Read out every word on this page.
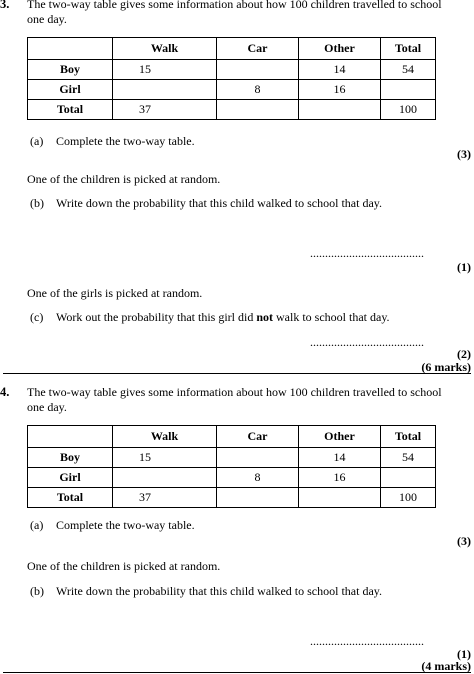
3. The two-way table gives some information about how 100 children travelled to school one day.
	Walk	Car	Other	Total
Boy	15		14	54
Girl		8	16	
Total	37			100
(a) Complete the two-way table.
(3)
One of the children is picked at random.
(b) Write down the probability that this child walked to school that day.
......................................
(1)
One of the girls is picked at random.
(c) Work out the probability that this girl did not walk to school that day.
......................................
(2)
(6 marks)
4. The two-way table gives some information about how 100 children travelled to school one day.
	Walk	Car	Other	Total
Boy	15		14	54
Girl		8	16	
Total	37			100
(a) Complete the two-way table.
(3)
One of the children is picked at random.
(b) Write down the probability that this child walked to school that day.
......................................
(1)
(4 marks)
